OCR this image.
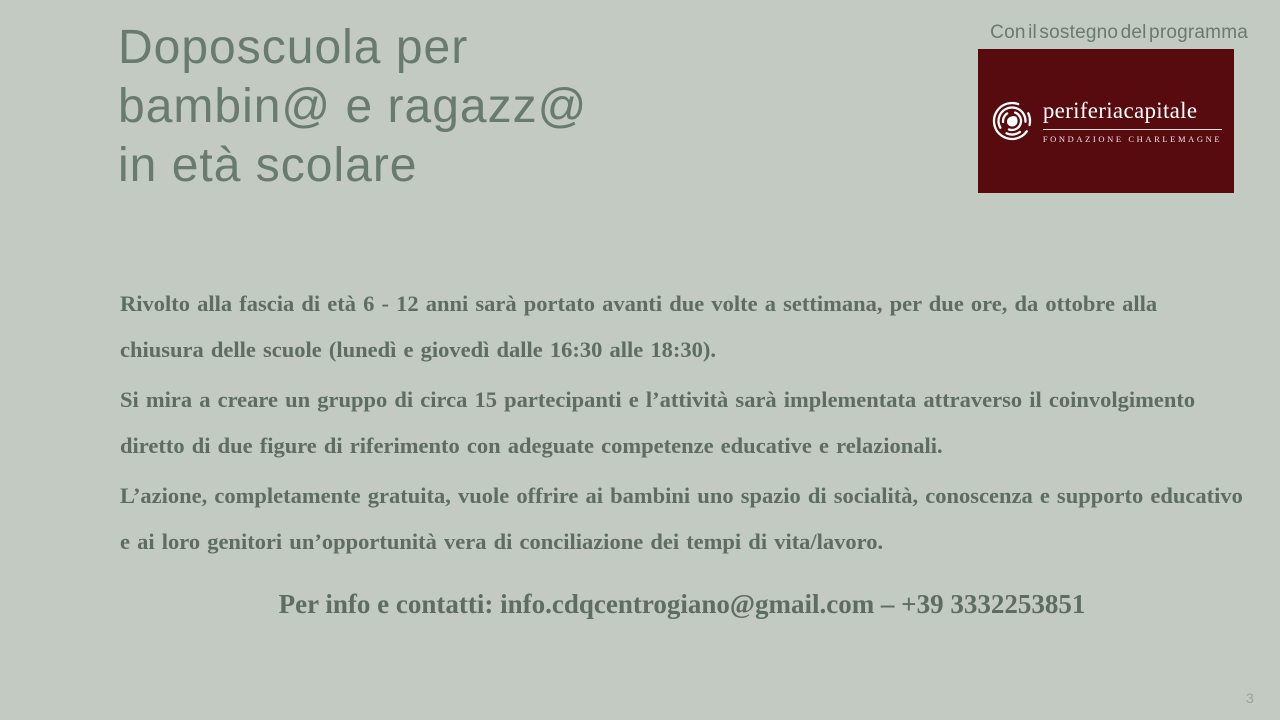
Doposcuola per
bambin@ e ragazz@
in età scolare
Con il sostegno del programma
periferiacapitale
FONDAZIONE CHARLEMAGNE

Rivolto alla fascia di età 6 - 12 anni sarà portato avanti due volte a settimana, per due ore, da ottobre alla chiusura delle scuole (lunedì e giovedì dalle 16:30 alle 18:30).

Si mira a creare un gruppo di circa 15 partecipanti e l’attività sarà implementata attraverso il coinvolgimento diretto di due figure di riferimento con adeguate competenze educative e relazionali.

L’azione, completamente gratuita, vuole offrire ai bambini uno spazio di socialità, conoscenza e supporto educativo e ai loro genitori un’opportunità vera di conciliazione dei tempi di vita/lavoro.

Per info e contatti: info.cdqcentrogiano@gmail.com – +39 3332253851
3
